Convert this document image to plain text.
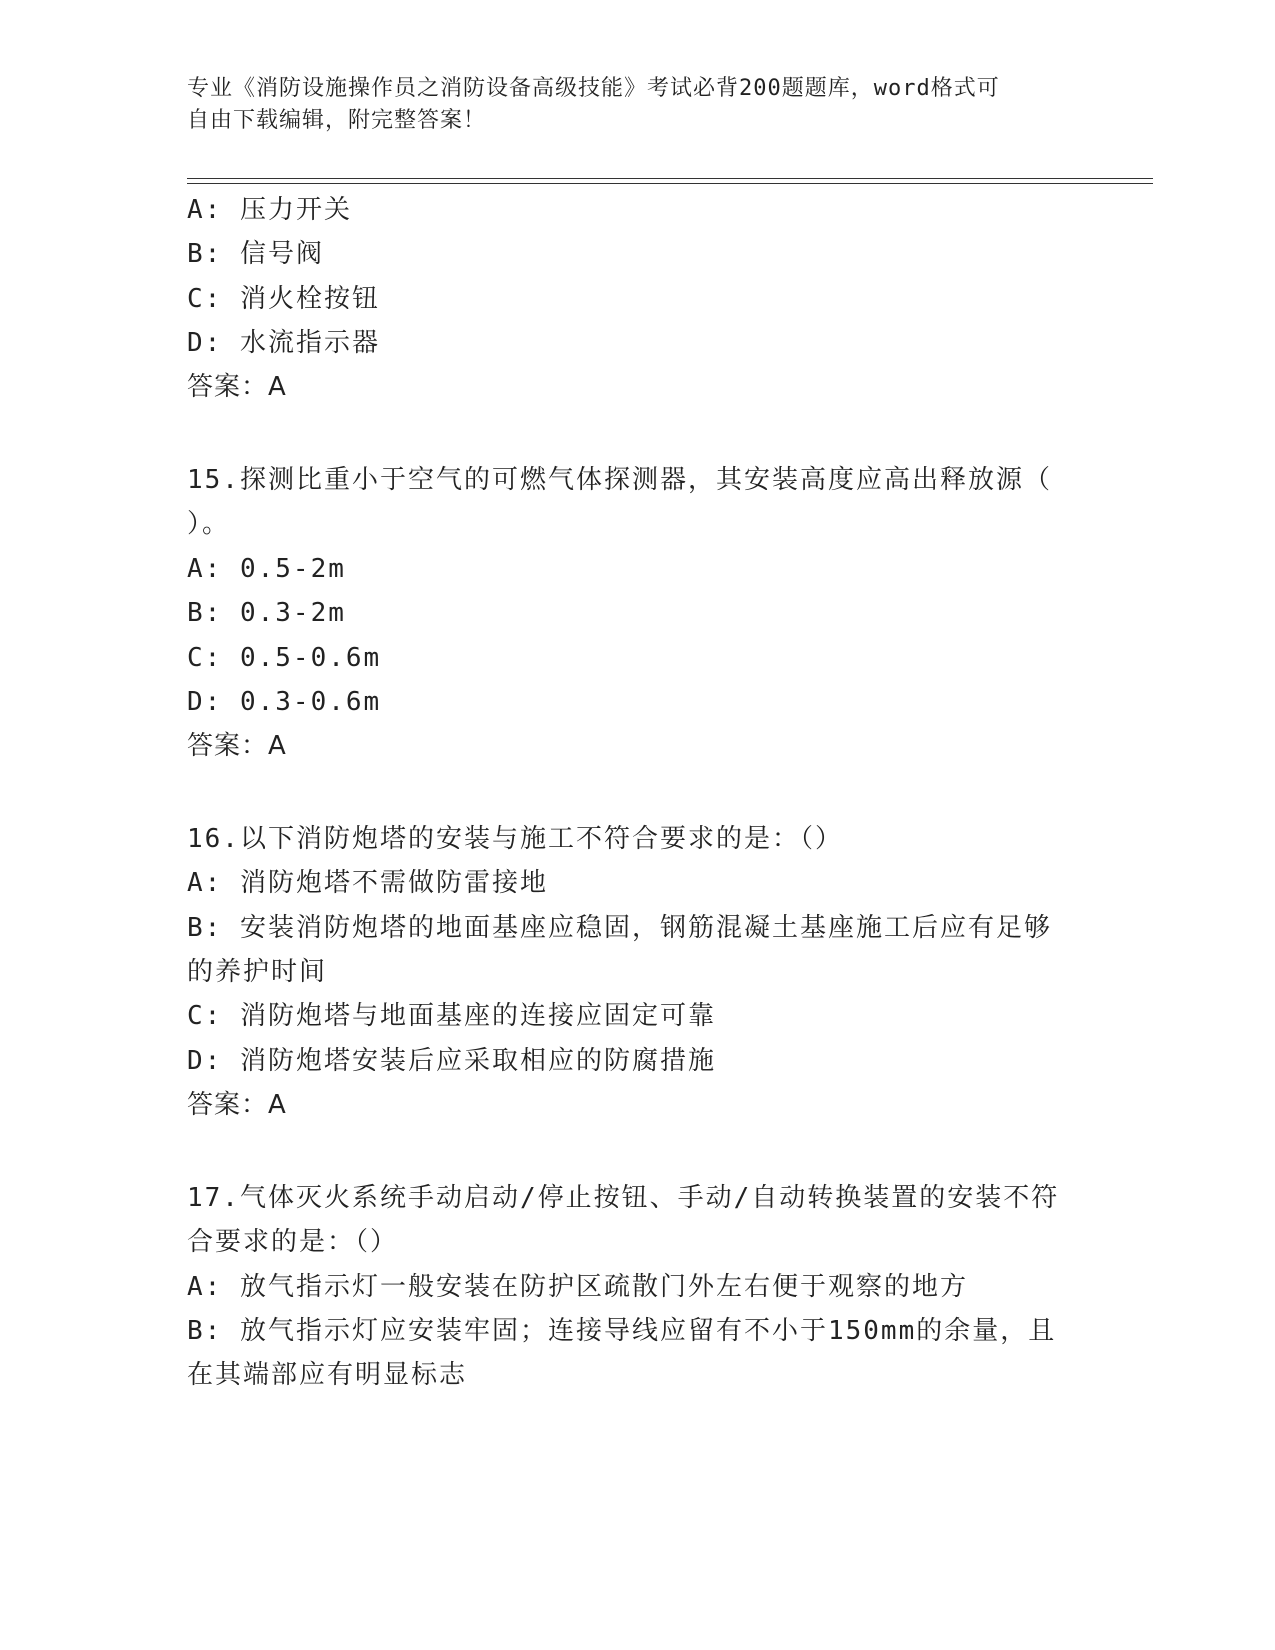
专业《消防设施操作员之消防设备高级技能》考试必背200题题库，word格式可
自由下载编辑，附完整答案！
A: 压力开关
B: 信号阀
C: 消火栓按钮
D: 水流指示器
答案：A
15.探测比重小于空气的可燃气体探测器，其安装高度应高出释放源（
）。
A: 0.5-2m
B: 0.3-2m
C: 0.5-0.6m
D: 0.3-0.6m
答案：A
16.以下消防炮塔的安装与施工不符合要求的是：（）
A: 消防炮塔不需做防雷接地
B: 安装消防炮塔的地面基座应稳固，钢筋混凝土基座施工后应有足够
的养护时间
C: 消防炮塔与地面基座的连接应固定可靠
D: 消防炮塔安装后应采取相应的防腐措施
答案：A
17.气体灭火系统手动启动/停止按钮、手动/自动转换装置的安装不符
合要求的是：（）
A: 放气指示灯一般安装在防护区疏散门外左右便于观察的地方
B: 放气指示灯应安装牢固；连接导线应留有不小于150mm的余量，且
在其端部应有明显标志
